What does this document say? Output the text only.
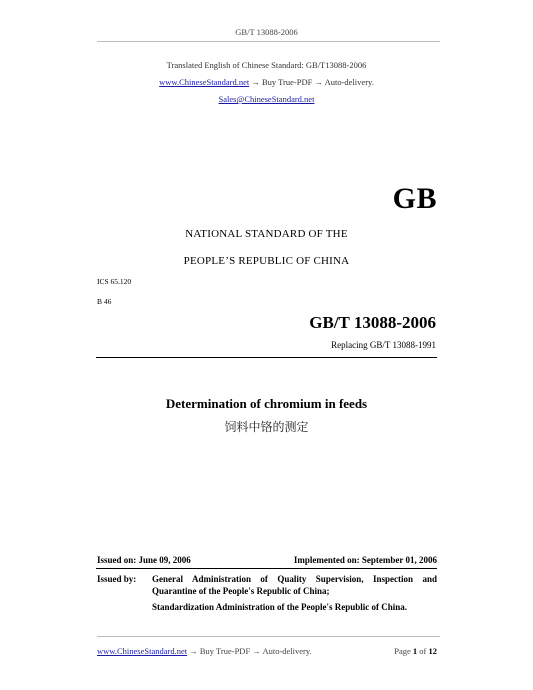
GB/T 13088-2006
Translated English of Chinese Standard: GB/T13088-2006
www.ChineseStandard.net → Buy True-PDF → Auto-delivery.
Sales@ChineseStandard.net
GB
NATIONAL STANDARD OF THE
PEOPLE’S REPUBLIC OF CHINA
ICS 65.120
B 46
GB/T 13088-2006
Replacing GB/T 13088-1991
Determination of chromium in feeds
饲料中铬的测定
Issued on: June 09, 2006	Implemented on: September 01, 2006
Issued by:	General Administration of Quality Supervision, Inspection and Quarantine of the People's Republic of China;
Standardization Administration of the People's Republic of China.
www.ChineseStandard.net → Buy True-PDF → Auto-delivery.	Page 1 of 12
